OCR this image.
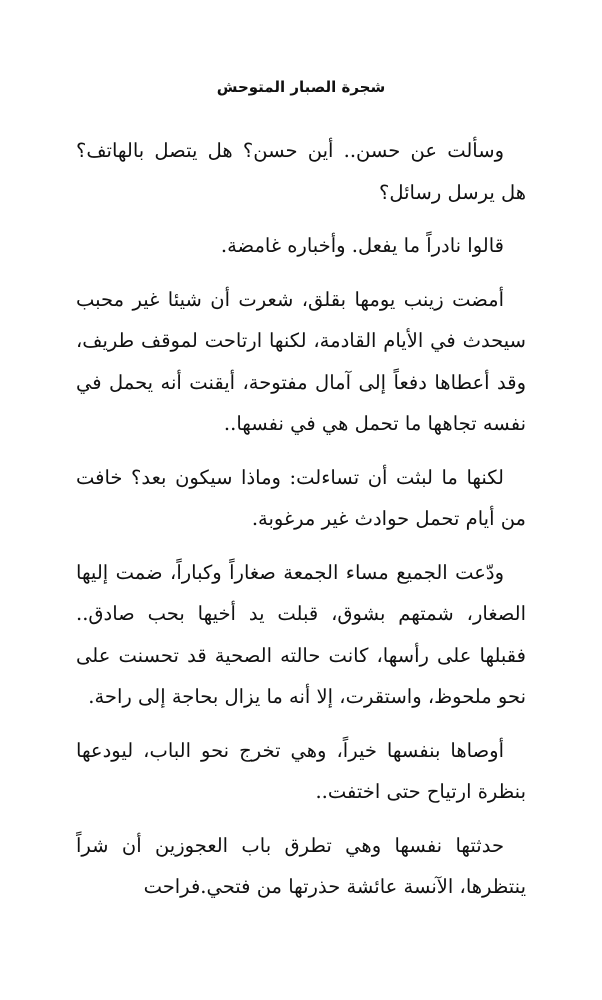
شجرة الصبار المتوحش

وسألت عن حسن.. أين حسن؟ هل يتصل بالهاتف؟ هل يرسل رسائل؟

قالوا نادراً ما يفعل. وأخباره غامضة.

أمضت زينب يومها بقلق، شعرت أن شيئا غير محبب سيحدث في الأيام القادمة، لكنها ارتاحت لموقف طريف، وقد أعطاها دفعاً إلى آمال مفتوحة، أيقنت أنه يحمل في نفسه تجاهها ما تحمل هي في نفسها..

لكنها ما لبثت أن تساءلت: وماذا سيكون بعد؟ خافت من أيام تحمل حوادث غير مرغوبة.

ودّعت الجميع مساء الجمعة صغاراً وكباراً، ضمت إليها الصغار، شمتهم بشوق، قبلت يد أخيها بحب صادق.. فقبلها على رأسها، كانت حالته الصحية قد تحسنت على نحو ملحوظ، واستقرت، إلا أنه ما يزال بحاجة إلى راحة.

أوصاها بنفسها خيراً، وهي تخرج نحو الباب، ليودعها بنظرة ارتياح حتى اختفت..

حدثتها نفسها وهي تطرق باب العجوزين أن شراً ينتظرها، الآنسة عائشة حذرتها من فتحي.فراحت
